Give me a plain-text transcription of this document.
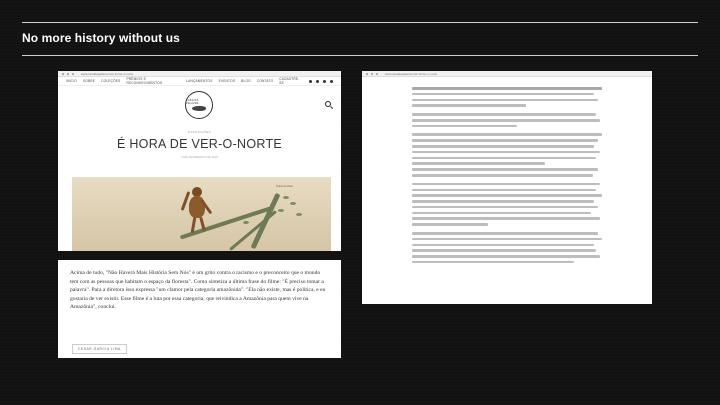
No more history without us
www.casadapalavra.com.br/ver-o-norte
INÍCIO SOBRE COLEÇÕES PRÊMIOS E RECONHECIMENTOS	LANÇAMENTOS EVENTOS BLOG CONTATO CADASTRE-SE
CASA DA PALAVRA
EXPOSIÇÕES
É HORA DE VER-O-NORTE
4 DE FEVEREIRO DE 2023
Índios do Pará

Acima de tudo, "Não Haverá Mais História Sem Nós" é um grito contra o racismo e o preconceito que o mundo tem com as pessoas que habitam o espaço da floresta". Como sintetiza a última frase do filme: "É preciso tomar a palavra". Para a diretora isso expressa "um clamor pela categoria amazônida". "Ela não existe, mas é política, e eu gostaria de ver existir. Esse filme é a luta por essa categoria, que reivindica a Amazônia para quem vive na Amazônia", conclui.

CESAR GARCIA LIMA
www.casadapalavra.com.br/ver-o-norte
